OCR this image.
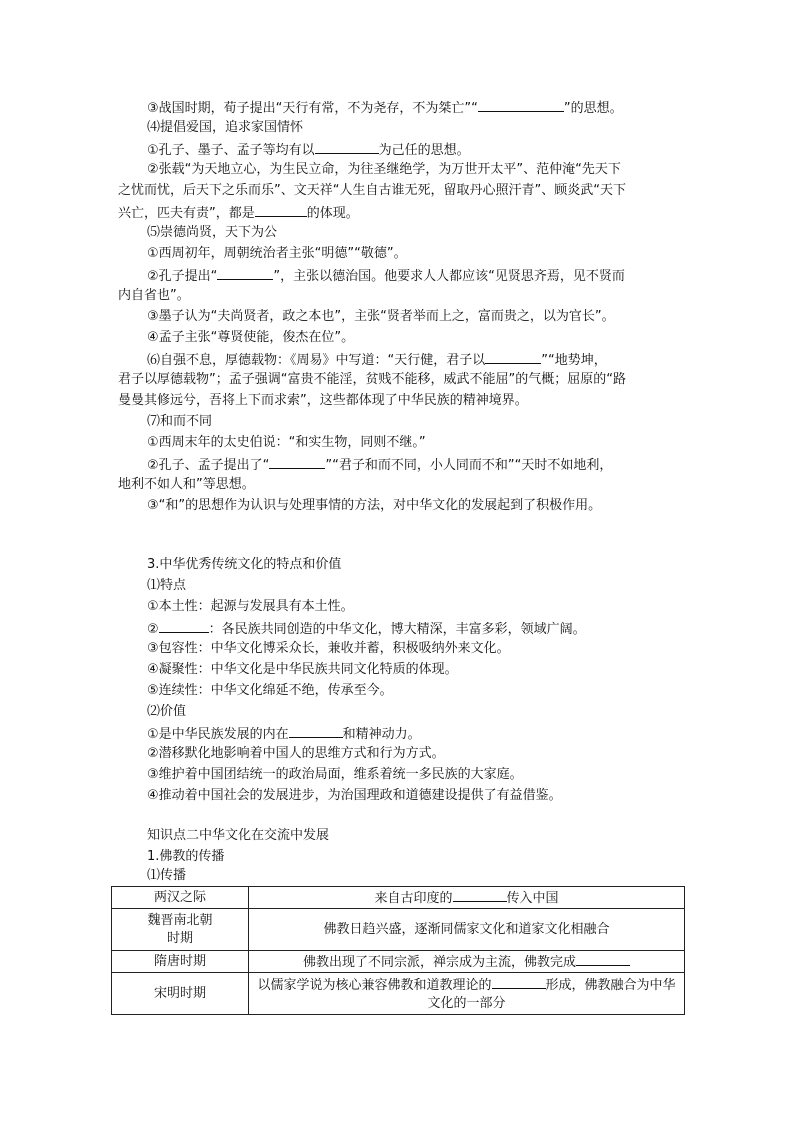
③战国时期，荀子提出“天行有常，不为尧存，不为桀亡”“	”的思想。
⑷提倡爱国，追求家国情怀
①孔子、墨子、孟子等均有以	为己任的思想。
②张载“为天地立心，为生民立命，为往圣继绝学，为万世开太平”、范仲淹“先天下
之忧而忧，后天下之乐而乐”、文天祥“人生自古谁无死，留取丹心照汗青”、顾炎武“天下
兴亡，匹夫有责”，都是	的体现。
⑸崇德尚贤，天下为公
①西周初年，周朝统治者主张“明德”“敬德”。
②孔子提出“	”，主张以德治国。他要求人人都应该“见贤思齐焉，见不贤而
内自省也”。
③墨子认为“夫尚贤者，政之本也”，主张“贤者举而上之，富而贵之，以为官长”。
④孟子主张“尊贤使能，俊杰在位”。
⑹自强不息，厚德载物：《周易》中写道：“天行健，君子以	”“地势坤，
君子以厚德载物”；孟子强调“富贵不能淫，贫贱不能移，威武不能屈”的气概；屈原的“路
曼曼其修远兮，吾将上下而求索”，这些都体现了中华民族的精神境界。
⑺和而不同
①西周末年的太史伯说：“和实生物，同则不继。”
②孔子、孟子提出了“	”“君子和而不同，小人同而不和”“天时不如地利，
地利不如人和”等思想。
③“和”的思想作为认识与处理事情的方法，对中华文化的发展起到了积极作用。
3.中华优秀传统文化的特点和价值
⑴特点
①本土性：起源与发展具有本土性。
②	：各民族共同创造的中华文化，博大精深，丰富多彩，领域广阔。
③包容性：中华文化博采众长，兼收并蓄，积极吸纳外来文化。
④凝聚性：中华文化是中华民族共同文化特质的体现。
⑤连续性：中华文化绵延不绝，传承至今。
⑵价值
①是中华民族发展的内在	和精神动力。
②潜移默化地影响着中国人的思维方式和行为方式。
③维护着中国团结统一的政治局面，维系着统一多民族的大家庭。
④推动着中国社会的发展进步，为治国理政和道德建设提供了有益借鉴。
知识点二中华文化在交流中发展
1.佛教的传播
⑴传播
两汉之际	来自古印度的 传入中国

魏晋南北朝时期	佛教日趋兴盛，逐渐同儒家文化和道家文化相融合
隋唐时期	佛教出现了不同宗派，禅宗成为主流，佛教完成
宋明时期	以儒家学说为核心兼容佛教和道教理论的 形成，佛教融合为中华文化的一部分
